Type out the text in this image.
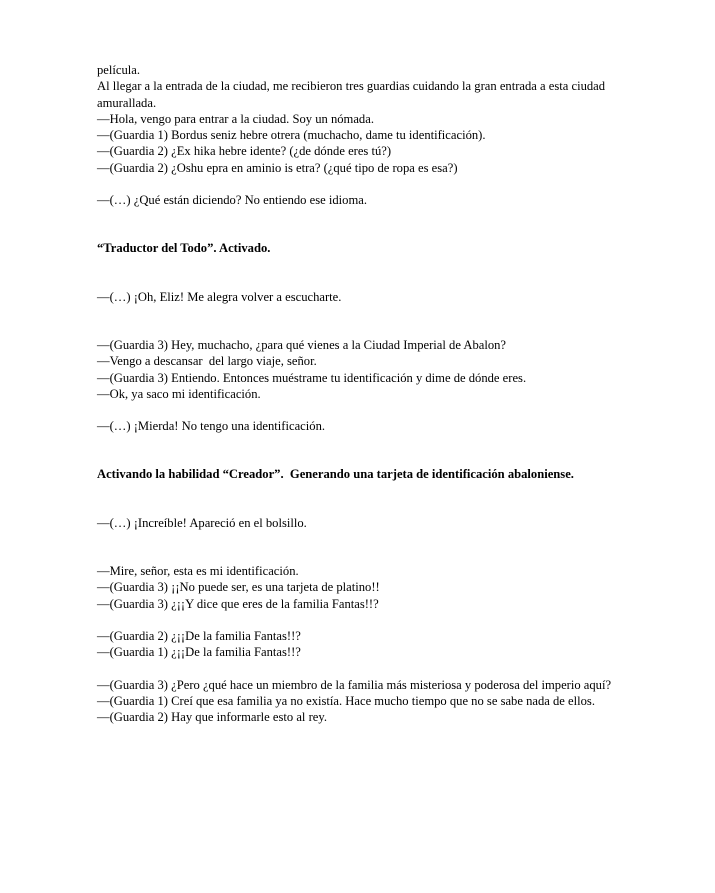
película.
Al llegar a la entrada de la ciudad, me recibieron tres guardias cuidando la gran entrada a esta ciudad amurallada.
—Hola, vengo para entrar a la ciudad. Soy un nómada.
—(Guardia 1) Bordus seniz hebre otrera (muchacho, dame tu identificación).
—(Guardia 2) ¿Ex hika hebre idente? (¿de dónde eres tú?)
—(Guardia 2) ¿Oshu epra en aminio is etra? (¿qué tipo de ropa es esa?)
—(…) ¿Qué están diciendo? No entiendo ese idioma.
“Traductor del Todo”. Activado.
—(…) ¡Oh, Eliz! Me alegra volver a escucharte.
—(Guardia 3) Hey, muchacho, ¿para qué vienes a la Ciudad Imperial de Abalon?
—Vengo a descansar  del largo viaje, señor.
—(Guardia 3) Entiendo. Entonces muéstrame tu identificación y dime de dónde eres.
—Ok, ya saco mi identificación.
—(…) ¡Mierda! No tengo una identificación.
Activando la habilidad “Creador”.  Generando una tarjeta de identificación abaloniense.
—(…) ¡Increíble! Apareció en el bolsillo.
—Mire, señor, esta es mi identificación.
—(Guardia 3) ¡¡No puede ser, es una tarjeta de platino!!
—(Guardia 3) ¿¡¡Y dice que eres de la familia Fantas!!?
—(Guardia 2) ¿¡¡De la familia Fantas!!?
—(Guardia 1) ¿¡¡De la familia Fantas!!?
—(Guardia 3) ¿Pero ¿qué hace un miembro de la familia más misteriosa y poderosa del imperio aquí?
—(Guardia 1) Creí que esa familia ya no existía. Hace mucho tiempo que no se sabe nada de ellos.
—(Guardia 2) Hay que informarle esto al rey.
